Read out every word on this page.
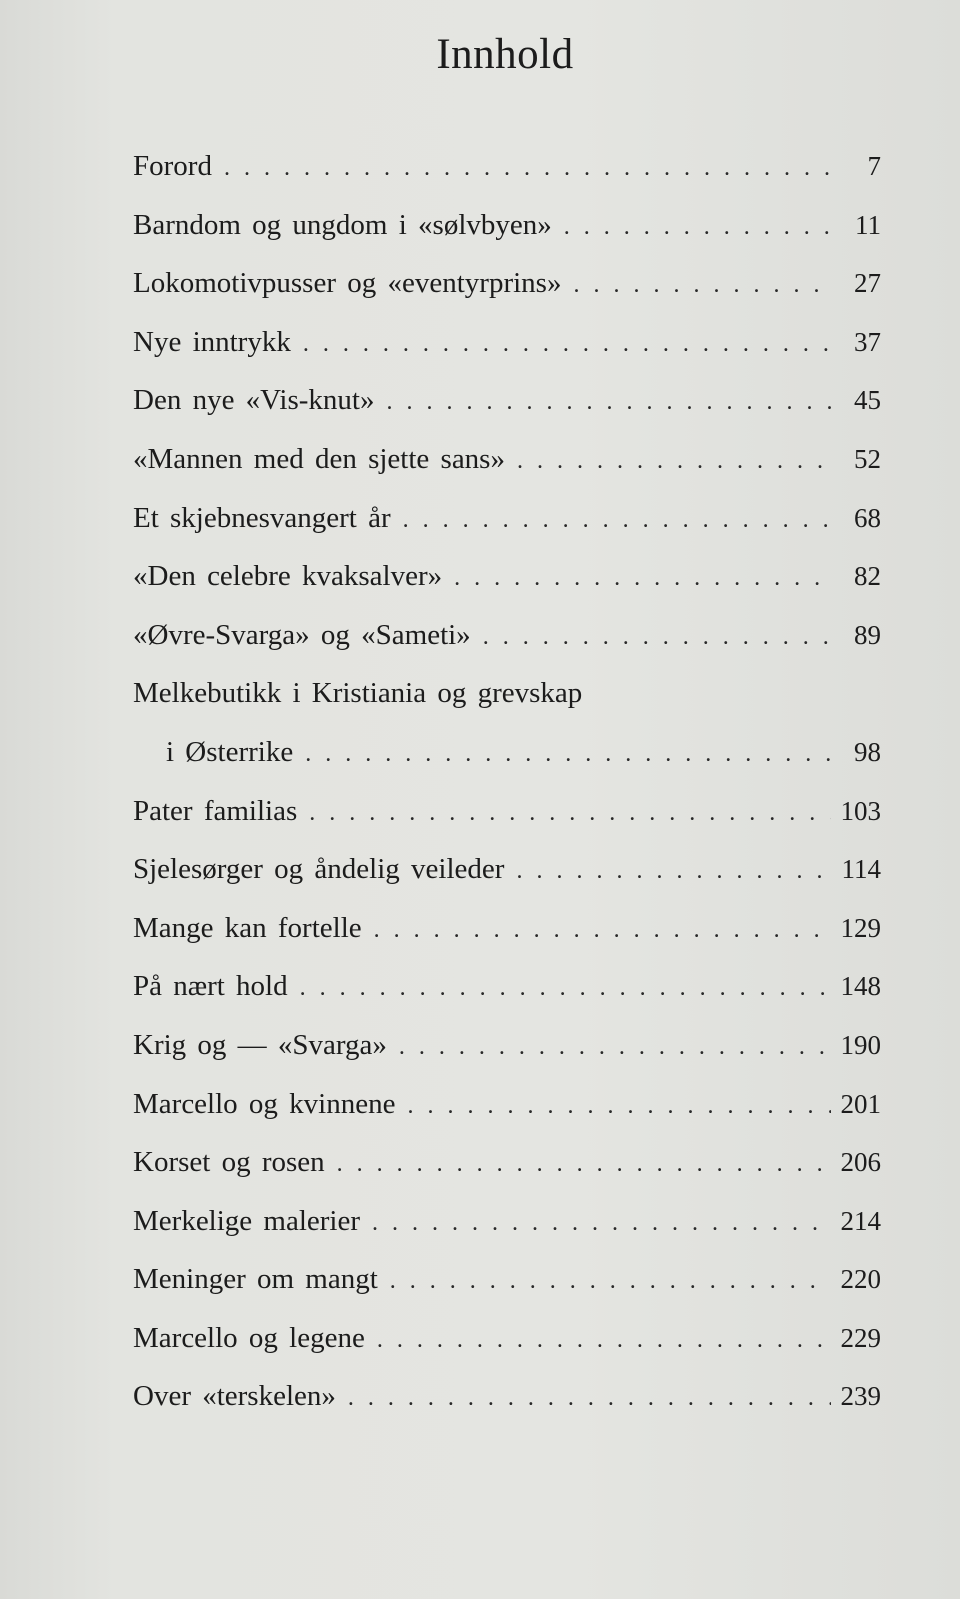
Innhold
Forord . . .	7
Barndom og ungdom i «sølvbyen» . . .	11
Lokomotivpusser og «eventyrprins» . . .	27
Nye inntrykk . . .	37
Den nye «Vis-knut» . . .	45
«Mannen med den sjette sans» . . .	52
Et skjebnesvangert år . . .	68
«Den celebre kvaksalver» . . .	82
«Øvre-Svarga» og «Sameti» . . .	89
Melkebutikk i Kristiania og grevskap
i Østerrike . . .	98
Pater familias . . .	103
Sjelesørger og åndelig veileder . . .	114
Mange kan fortelle . . .	129
På nært hold . . .	148
Krig og — «Svarga» . . .	190
Marcello og kvinnene . . .	201
Korset og rosen . . .	206
Merkelige malerier . . .	214
Meninger om mangt . . .	220
Marcello og legene . . .	229
Over «terskelen» . . .	239
